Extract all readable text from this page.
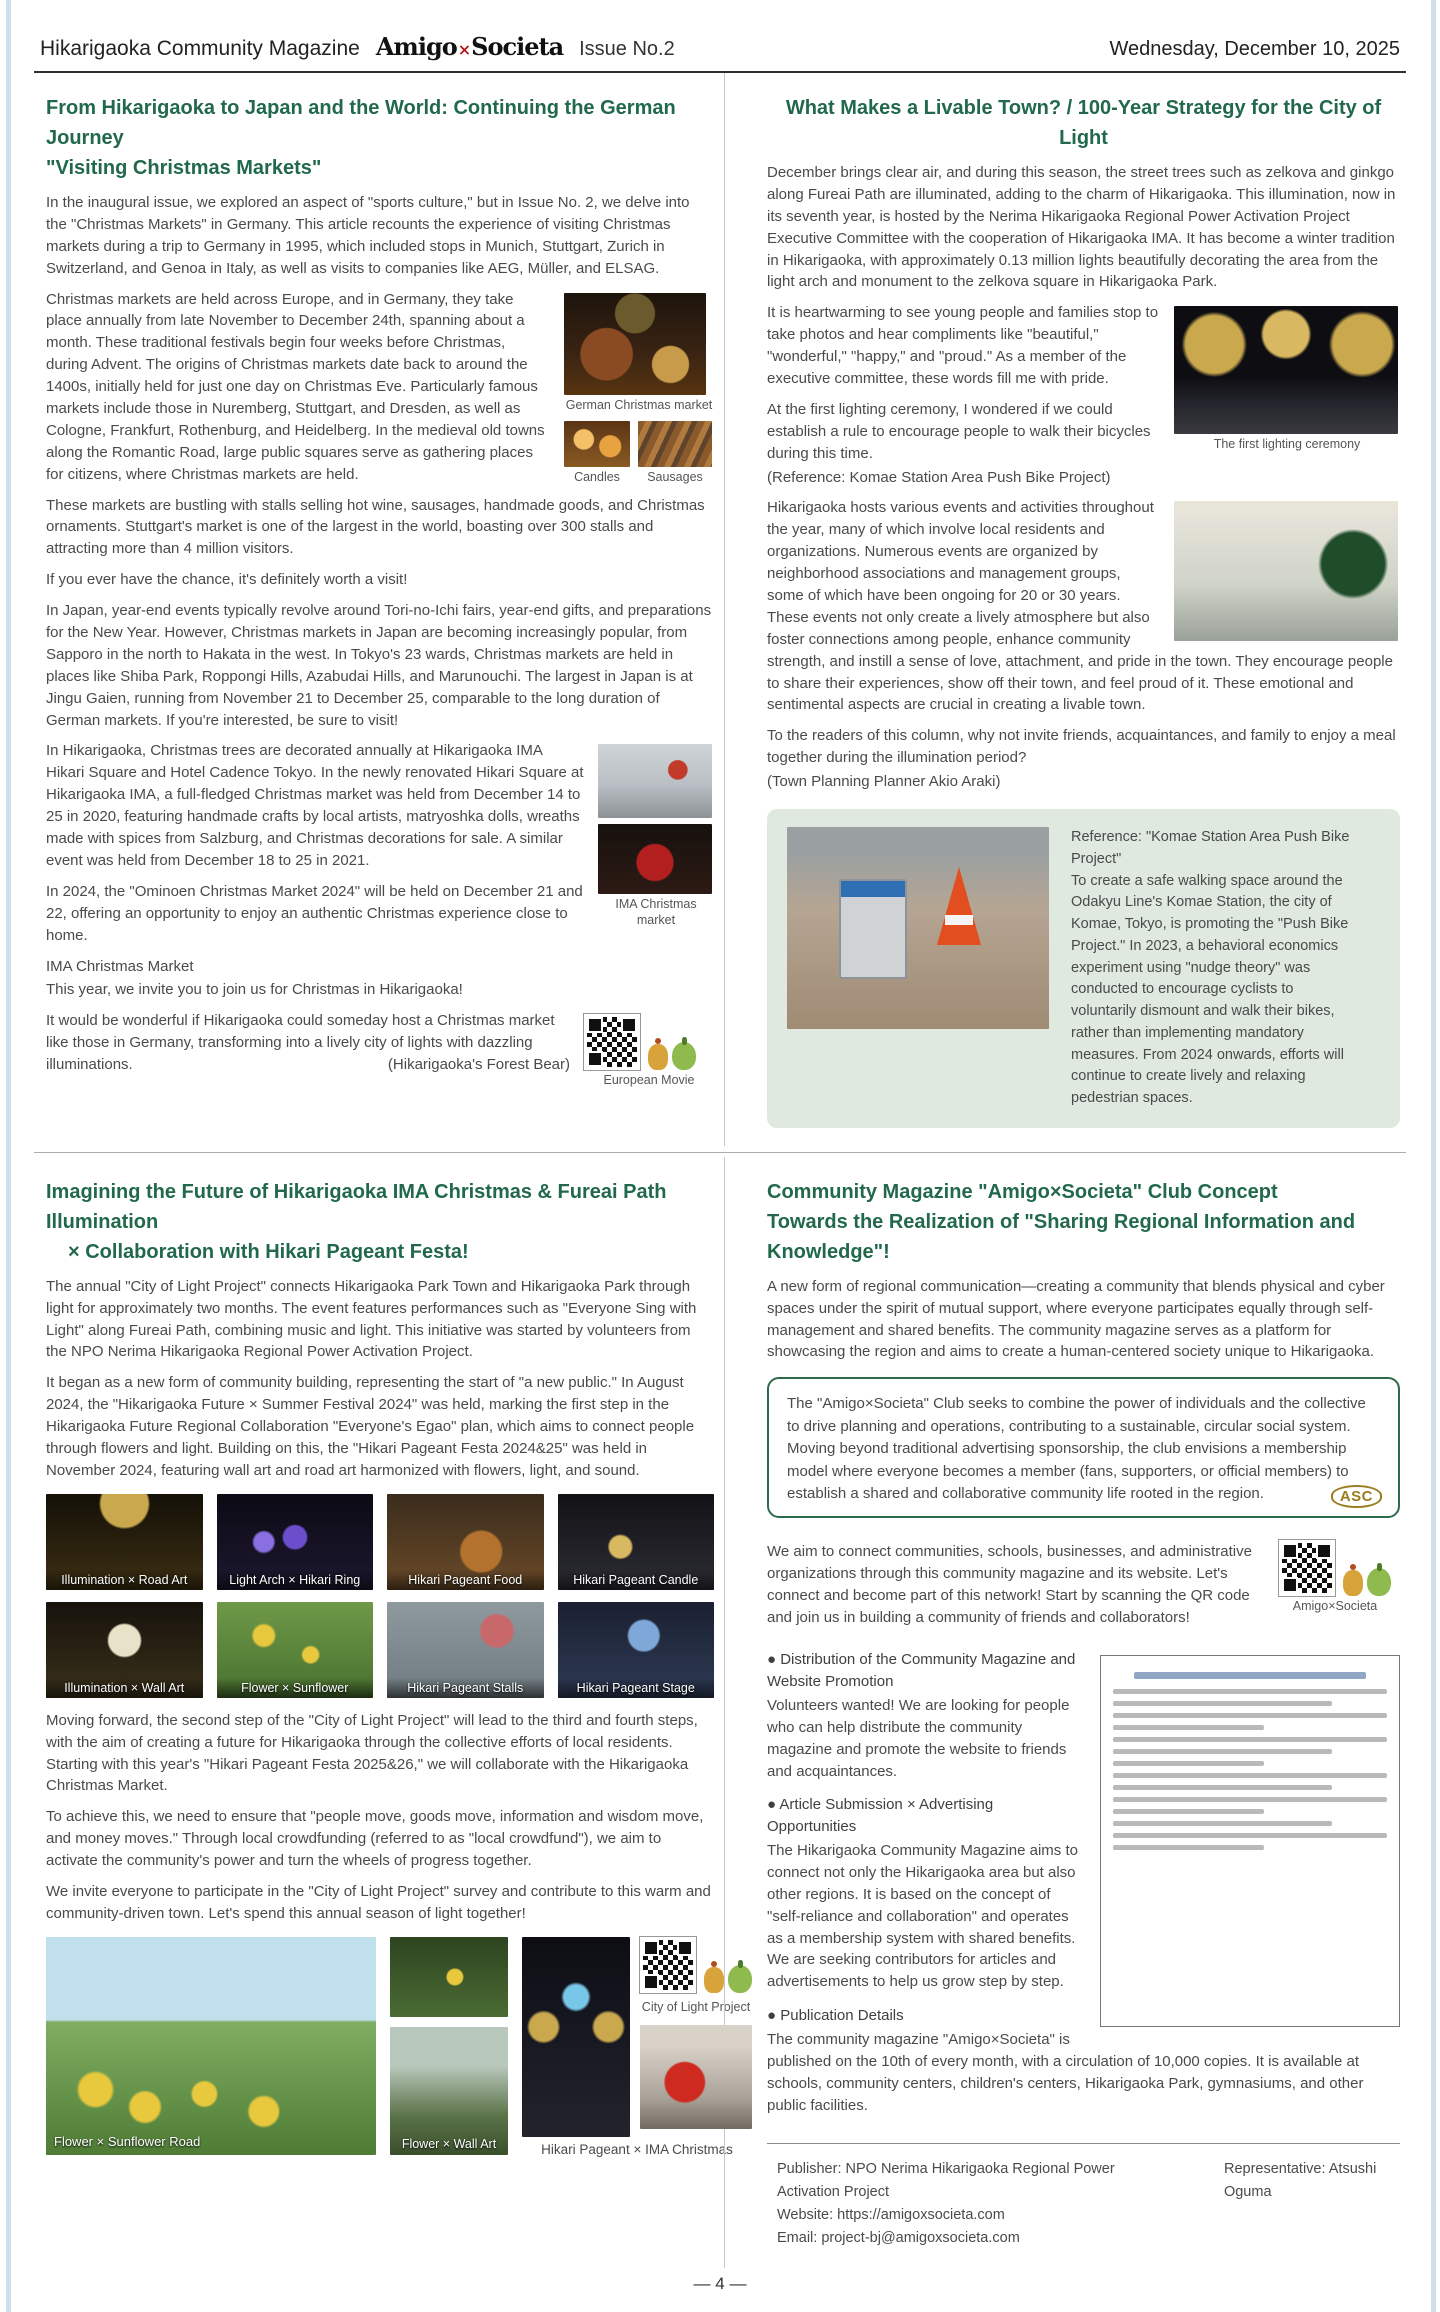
Hikarigaoka Community Magazine Amigo×Societa Issue No.2	Wednesday, December 10, 2025
From Hikarigaoka to Japan and the World: Continuing the German Journey
"Visiting Christmas Markets"

In the inaugural issue, we explored an aspect of "sports culture," but in Issue No. 2, we delve into the "Christmas Markets" in Germany. This article recounts the experience of visiting Christmas markets during a trip to Germany in 1995, which included stops in Munich, Stuttgart, Zurich in Switzerland, and Genoa in Italy, as well as visits to companies like AEG, Müller, and ELSAG.

German Christmas market
Candles	Sausages

Christmas markets are held across Europe, and in Germany, they take place annually from late November to December 24th, spanning about a month. These traditional festivals begin four weeks before Christmas, during Advent. The origins of Christmas markets date back to around the 1400s, initially held for just one day on Christmas Eve. Particularly famous markets include those in Nuremberg, Stuttgart, and Dresden, as well as Cologne, Frankfurt, Rothenburg, and Heidelberg. In the medieval old towns along the Romantic Road, large public squares serve as gathering places for citizens, where Christmas markets are held.

These markets are bustling with stalls selling hot wine, sausages, handmade goods, and Christmas ornaments. Stuttgart's market is one of the largest in the world, boasting over 300 stalls and attracting more than 4 million visitors.

If you ever have the chance, it's definitely worth a visit!

In Japan, year-end events typically revolve around Tori-no-Ichi fairs, year-end gifts, and preparations for the New Year. However, Christmas markets in Japan are becoming increasingly popular, from Sapporo in the north to Hakata in the west. In Tokyo's 23 wards, Christmas markets are held in places like Shiba Park, Roppongi Hills, Azabudai Hills, and Marunouchi. The largest in Japan is at Jingu Gaien, running from November 21 to December 25, comparable to the long duration of German markets. If you're interested, be sure to visit!

IMA Christmas market

In Hikarigaoka, Christmas trees are decorated annually at Hikarigaoka IMA Hikari Square and Hotel Cadence Tokyo. In the newly renovated Hikari Square at Hikarigaoka IMA, a full-fledged Christmas market was held from December 14 to 25 in 2020, featuring handmade crafts by local artists, matryoshka dolls, wreaths made with spices from Salzburg, and Christmas decorations for sale. A similar event was held from December 18 to 25 in 2021.

In 2024, the "Ominoen Christmas Market 2024" will be held on December 21 and 22, offering an opportunity to enjoy an authentic Christmas experience close to home.

IMA Christmas Market

This year, we invite you to join us for Christmas in Hikarigaoka!

European Movie

It would be wonderful if Hikarigaoka could someday host a Christmas market like those in Germany, transforming into a lively city of lights with dazzling illuminations.	(Hikarigaoka's Forest Bear)

What Makes a Livable Town? / 100-Year Strategy for the City of Light

December brings clear air, and during this season, the street trees such as zelkova and ginkgo along Fureai Path are illuminated, adding to the charm of Hikarigaoka. This illumination, now in its seventh year, is hosted by the Nerima Hikarigaoka Regional Power Activation Project Executive Committee with the cooperation of Hikarigaoka IMA. It has become a winter tradition in Hikarigaoka, with approximately 0.13 million lights beautifully decorating the area from the light arch and monument to the zelkova square in Hikarigaoka Park.

The first lighting ceremony

It is heartwarming to see young people and families stop to take photos and hear compliments like "beautiful," "wonderful," "happy," and "proud." As a member of the executive committee, these words fill me with pride.

At the first lighting ceremony, I wondered if we could establish a rule to encourage people to walk their bicycles during this time.

(Reference: Komae Station Area Push Bike Project)

Hikarigaoka hosts various events and activities throughout the year, many of which involve local residents and organizations. Numerous events are organized by neighborhood associations and management groups, some of which have been ongoing for 20 or 30 years. These events not only create a lively atmosphere but also foster connections among people, enhance community strength, and instill a sense of love, attachment, and pride in the town. They encourage people to share their experiences, show off their town, and feel proud of it. These emotional and sentimental aspects are crucial in creating a livable town.

To the readers of this column, why not invite friends, acquaintances, and family to enjoy a meal together during the illumination period?

(Town Planning Planner Akio Araki)

Reference: "Komae Station Area Push Bike Project"
To create a safe walking space around the Odakyu Line's Komae Station, the city of Komae, Tokyo, is promoting the "Push Bike Project." In 2023, a behavioral economics experiment using "nudge theory" was conducted to encourage cyclists to voluntarily dismount and walk their bikes, rather than implementing mandatory measures. From 2024 onwards, efforts will continue to create lively and relaxing pedestrian spaces.
Imagining the Future of Hikarigaoka IMA Christmas & Fureai Path Illumination
× Collaboration with Hikari Pageant Festa!

The annual "City of Light Project" connects Hikarigaoka Park Town and Hikarigaoka Park through light for approximately two months. The event features performances such as "Everyone Sing with Light" along Fureai Path, combining music and light. This initiative was started by volunteers from the NPO Nerima Hikarigaoka Regional Power Activation Project.

It began as a new form of community building, representing the start of "a new public." In August 2024, the "Hikarigaoka Future × Summer Festival 2024" was held, marking the first step in the Hikarigaoka Future Regional Collaboration "Everyone's Egao" plan, which aims to connect people through flowers and light. Building on this, the "Hikari Pageant Festa 2024&25" was held in November 2024, featuring wall art and road art harmonized with flowers, light, and sound.

Illumination × Road Art	Light Arch × Hikari Ring	Hikari Pageant Food	Hikari Pageant Candle
Illumination × Wall Art	Flower × Sunflower	Hikari Pageant Stalls	Hikari Pageant Stage

Moving forward, the second step of the "City of Light Project" will lead to the third and fourth steps, with the aim of creating a future for Hikarigaoka through the collective efforts of local residents. Starting with this year's "Hikari Pageant Festa 2025&26," we will collaborate with the Hikarigaoka Christmas Market.

To achieve this, we need to ensure that "people move, goods move, information and wisdom move, and money moves." Through local crowdfunding (referred to as "local crowdfund"), we aim to activate the community's power and turn the wheels of progress together.

We invite everyone to participate in the "City of Light Project" survey and contribute to this warm and community-driven town. Let's spend this annual season of light together!

Flower × Sunflower Road	Flower × Wall Art
City of Light Project
Hikari Pageant × IMA Christmas
Community Magazine "Amigo×Societa" Club Concept
Towards the Realization of "Sharing Regional Information and Knowledge"!

A new form of regional communication—creating a community that blends physical and cyber spaces under the spirit of mutual support, where everyone participates equally through self-management and shared benefits. The community magazine serves as a platform for showcasing the region and aims to create a human-centered society unique to Hikarigaoka.

The "Amigo×Societa" Club seeks to combine the power of individuals and the collective to drive planning and operations, contributing to a sustainable, circular social system. Moving beyond traditional advertising sponsorship, the club envisions a membership model where everyone becomes a member (fans, supporters, or official members) to establish a shared and collaborative community life rooted in the region.	ASC

We aim to connect communities, schools, businesses, and administrative organizations through this community magazine and its website. Let's connect and become part of this network! Start by scanning the QR code and join us in building a community of friends and collaborators!

Amigo×Societa

● Distribution of the Community Magazine and Website Promotion

Volunteers wanted! We are looking for people who can help distribute the community magazine and promote the website to friends and acquaintances.

● Article Submission × Advertising Opportunities

The Hikarigaoka Community Magazine aims to connect not only the Hikarigaoka area but also other regions. It is based on the concept of "self-reliance and collaboration" and operates as a membership system with shared benefits. We are seeking contributors for articles and advertisements to help us grow step by step.

● Publication Details

The community magazine "Amigo×Societa" is published on the 10th of every month, with a circulation of 10,000 copies. It is available at schools, community centers, children's centers, Hikarigaoka Park, gymnasiums, and other public facilities.

Publisher: NPO Nerima Hikarigaoka Regional Power Activation Project
Representative: Atsushi Oguma
Website: https://amigoxsocieta.com
Email: project-bj@amigoxsocieta.com
— 4 —
